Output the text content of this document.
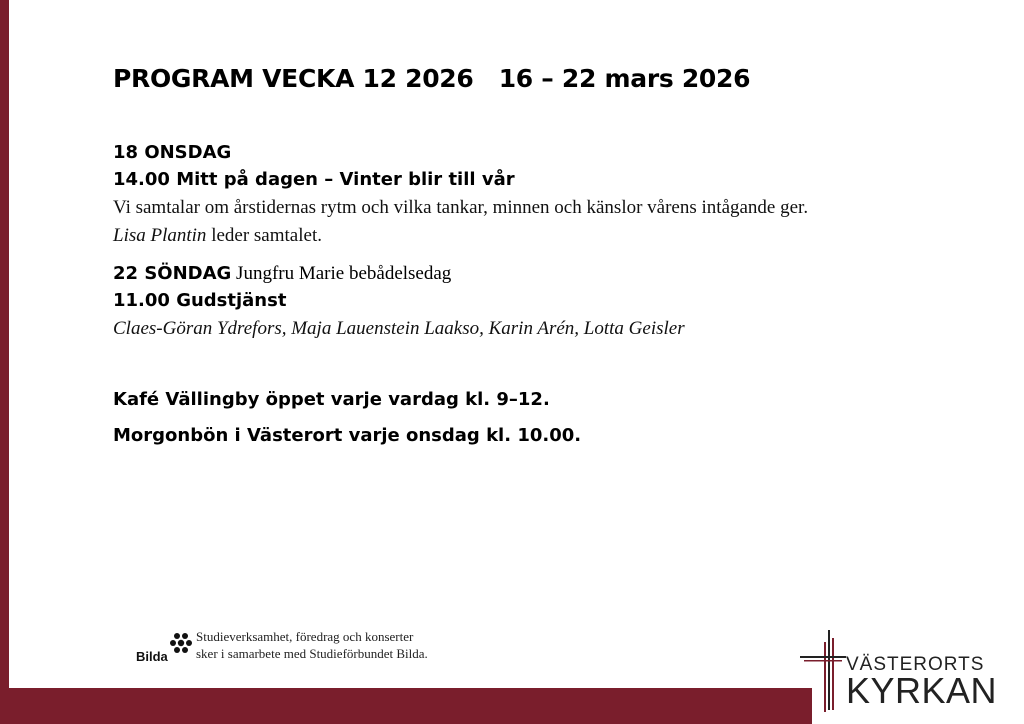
PROGRAM VECKA 12 2026   16 – 22 mars 2026
18 ONSDAG
14.00 Mitt på dagen – Vinter blir till vår
Vi samtalar om årstidernas rytm och vilka tankar, minnen och känslor vårens intågande ger.
Lisa Plantin leder samtalet.
22 SÖNDAG Jungfru Marie bebådelsedag
11.00 Gudstjänst
Claes-Göran Ydrefors, Maja Lauenstein Laakso, Karin Arén, Lotta Geisler
Kafé Vällingby öppet varje vardag kl. 9–12.
Morgonbön i Västerort varje onsdag kl. 10.00.
Bilda
Studieverksamhet, föredrag och konserter
sker i samarbete med Studieförbundet Bilda.
VÄSTERORTS
KYRKAN
